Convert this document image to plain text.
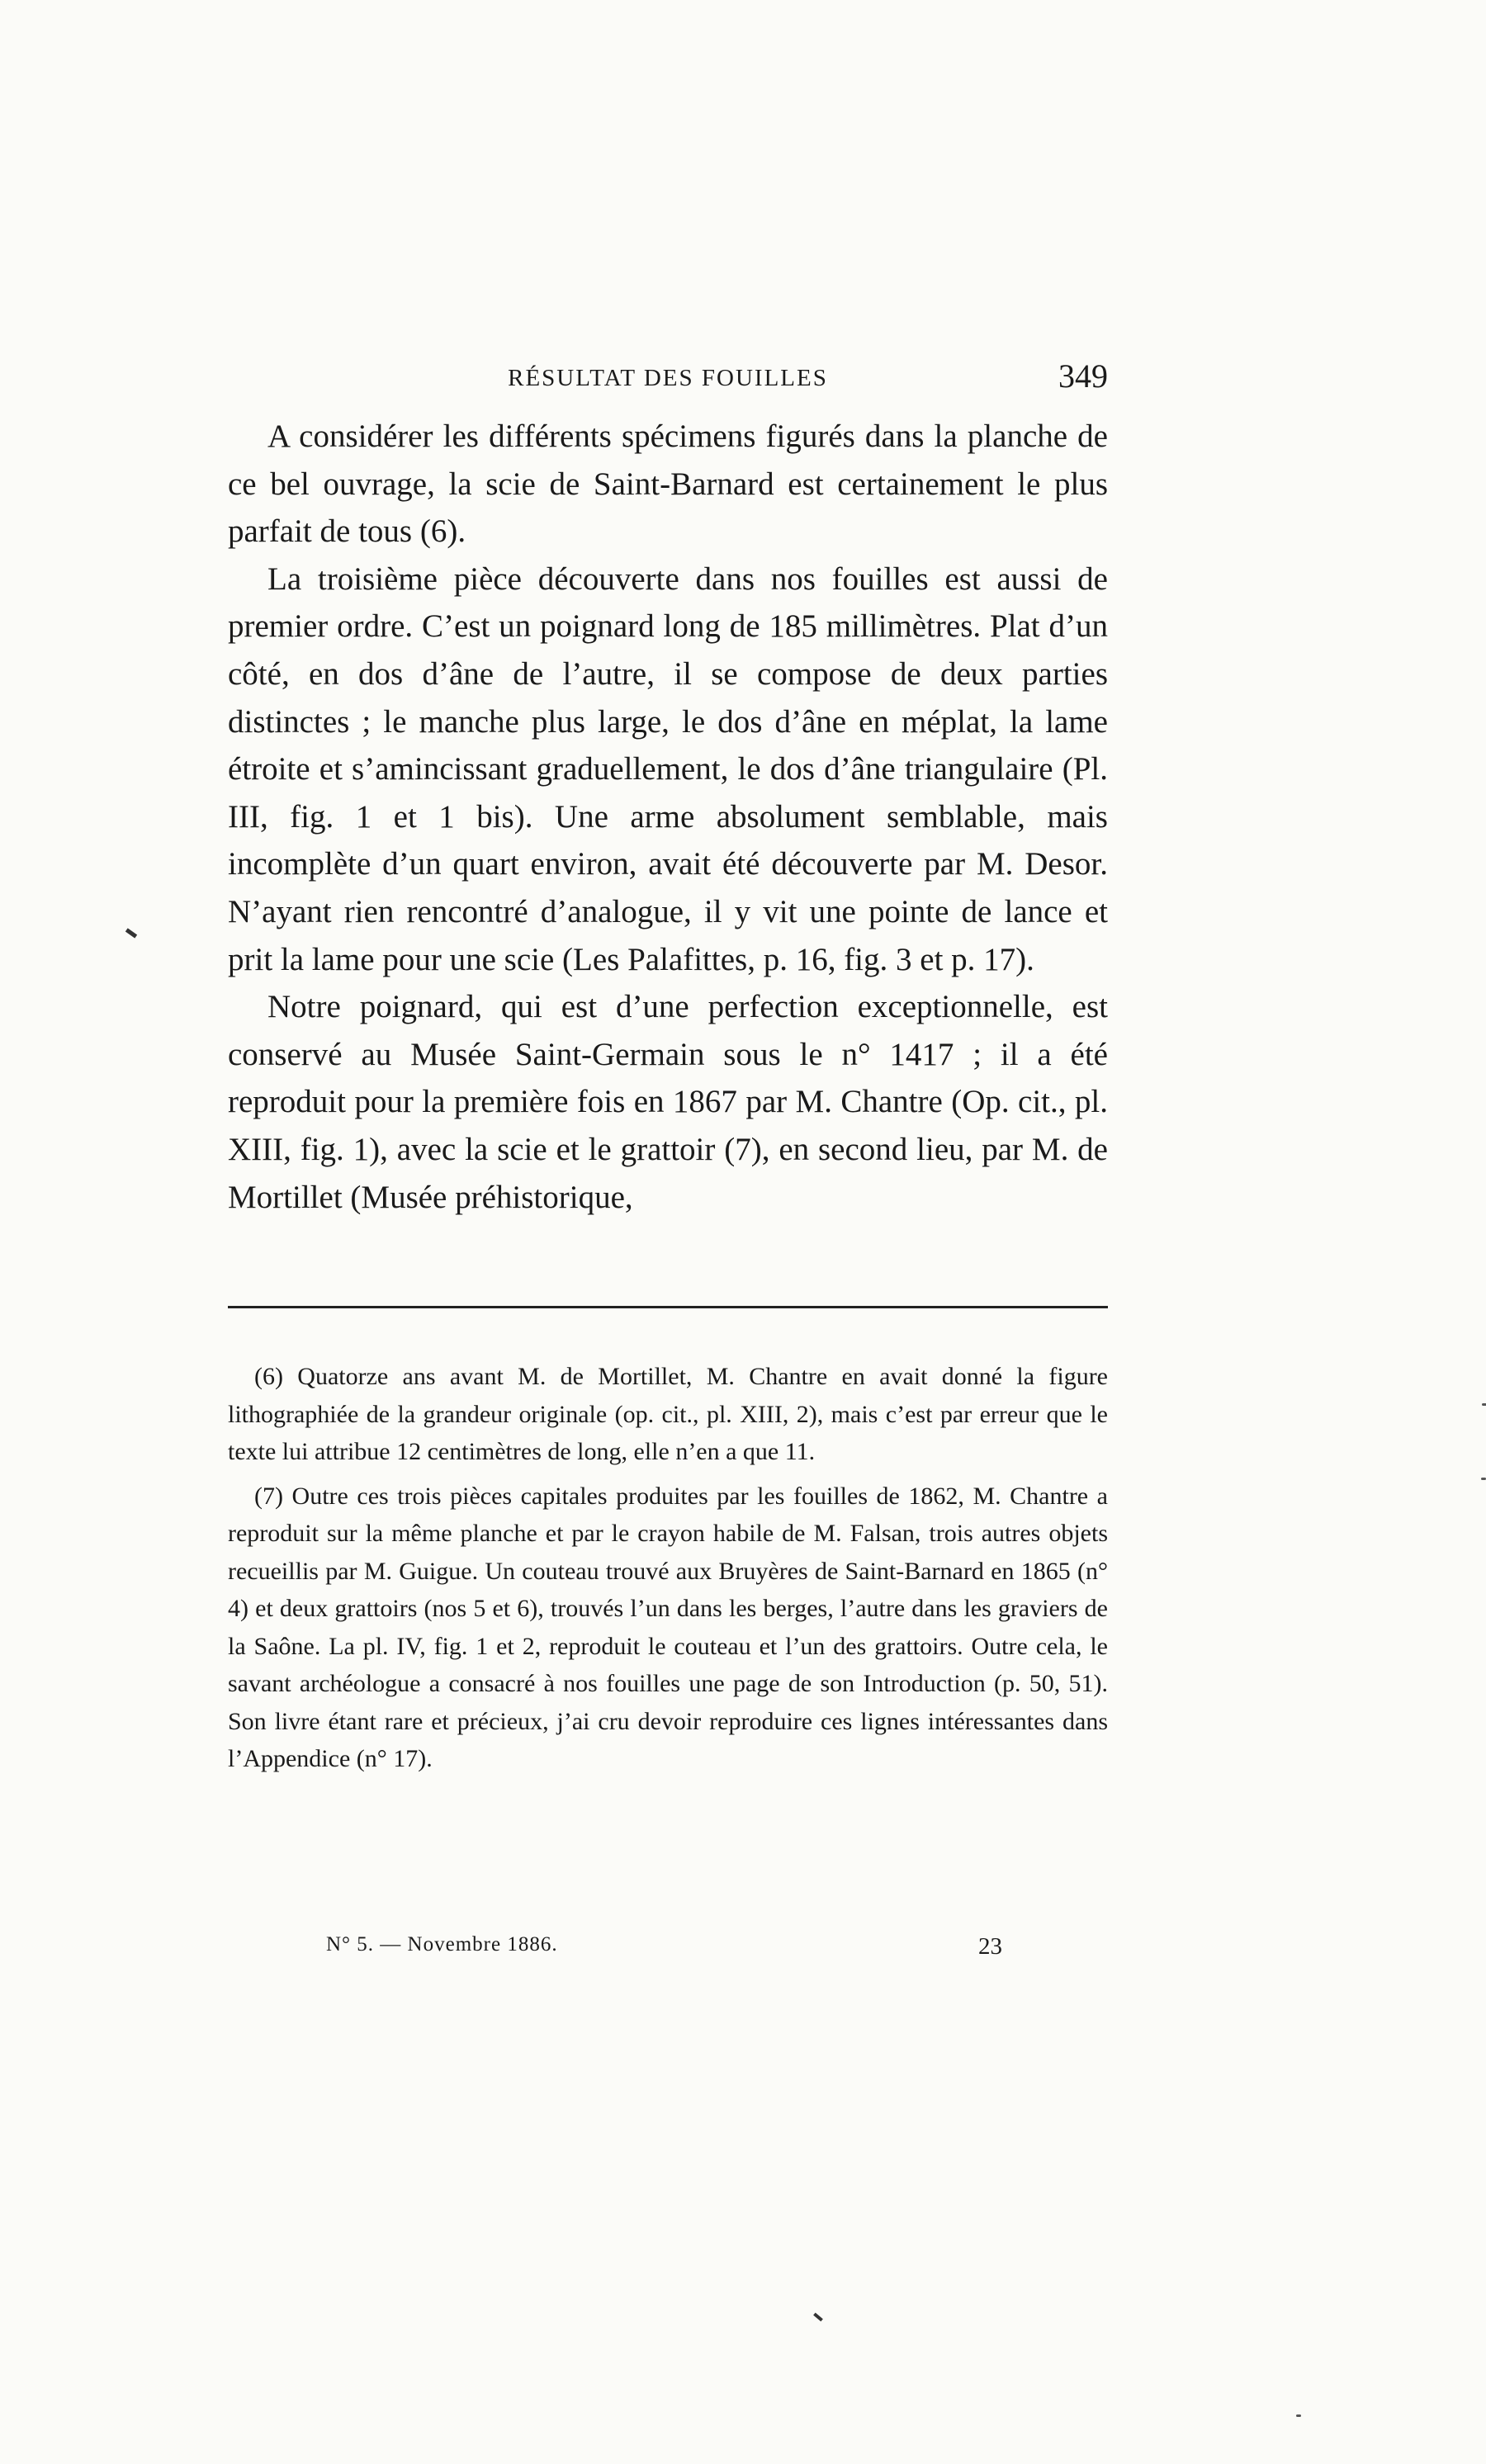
RÉSULTAT DES FOUILLES	349

A considérer les différents spécimens figurés dans la planche de ce bel ouvrage, la scie de Saint-Barnard est certainement le plus parfait de tous (6).

La troisième pièce découverte dans nos fouilles est aussi de premier ordre. C’est un poignard long de 185 millimètres. Plat d’un côté, en dos d’âne de l’autre, il se compose de deux parties distinctes ; le manche plus large, le dos d’âne en méplat, la lame étroite et s’amincissant graduellement, le dos d’âne triangulaire (Pl. III, fig. 1 et 1 bis). Une arme absolument semblable, mais incomplète d’un quart environ, avait été découverte par M. Desor. N’ayant rien rencontré d’analogue, il y vit une pointe de lance et prit la lame pour une scie (Les Palafittes, p. 16, fig. 3 et p. 17).

Notre poignard, qui est d’une perfection exceptionnelle, est conservé au Musée Saint-Germain sous le n° 1417 ; il a été reproduit pour la première fois en 1867 par M. Chantre (Op. cit., pl. XIII, fig. 1), avec la scie et le grattoir (7), en second lieu, par M. de Mortillet (Musée préhistorique,

(6) Quatorze ans avant M. de Mortillet, M. Chantre en avait donné la figure lithographiée de la grandeur originale (op. cit., pl. XIII, 2), mais c’est par erreur que le texte lui attribue 12 centimètres de long, elle n’en a que 11.

(7) Outre ces trois pièces capitales produites par les fouilles de 1862, M. Chantre a reproduit sur la même planche et par le crayon habile de M. Falsan, trois autres objets recueillis par M. Guigue. Un couteau trouvé aux Bruyères de Saint-Barnard en 1865 (n° 4) et deux grattoirs (nos 5 et 6), trouvés l’un dans les berges, l’autre dans les graviers de la Saône. La pl. IV, fig. 1 et 2, reproduit le couteau et l’un des grattoirs. Outre cela, le savant archéologue a consacré à nos fouilles une page de son Introduction (p. 50, 51). Son livre étant rare et précieux, j’ai cru devoir reproduire ces lignes intéressantes dans l’Appendice (n° 17).

N° 5. — Novembre 1886.	23
